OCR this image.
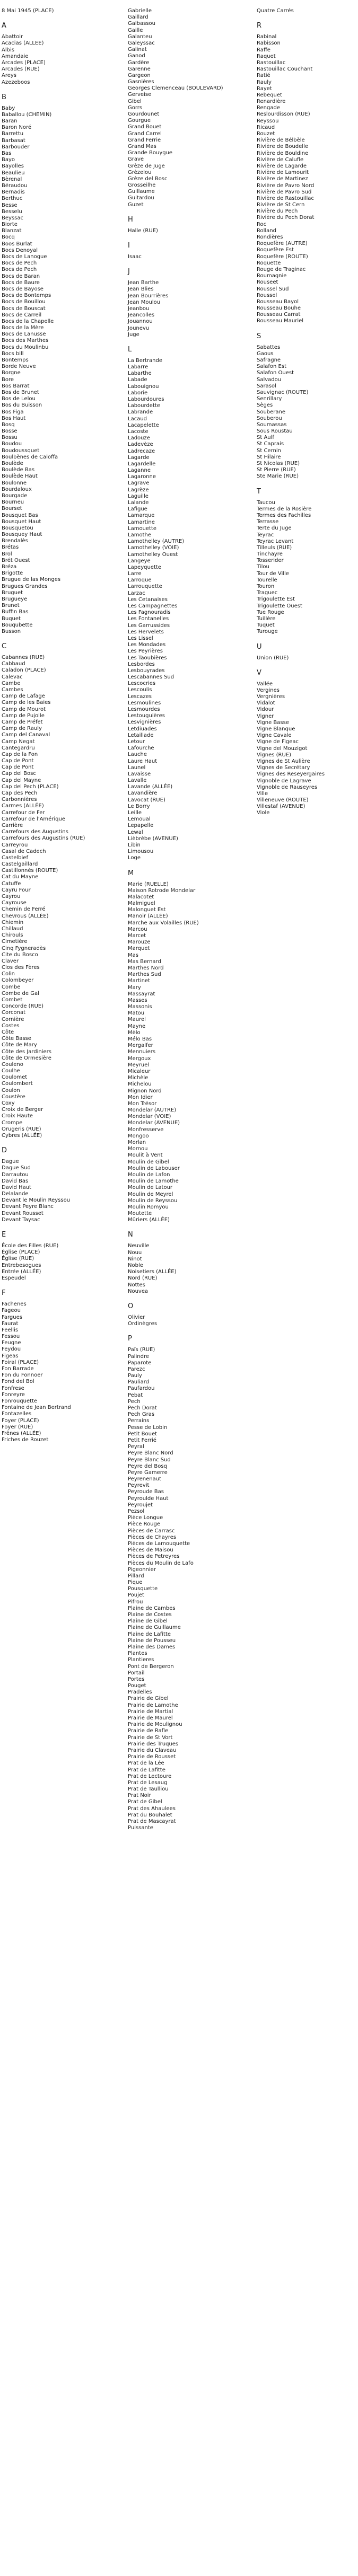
8 Mai 1945 (PLACE)
A
Abattoir
Acacias (ALLEE)
Albis
Amandaie
Arcades (PLACE)
Arcades (RUE)
Areys
Azezeboos
B
Baby
Baballou (CHEMIN)
Baran
Baron Noré
Barrettu
Barbasat
Barbouder
Bas
Bayo
Bayolles
Beaulieu
Bèrenal
Béraudou
Bernadis
Berthuc
Besse
Besselu
Beyssac
Biorte
Blanzat
Bocq
Boos Burlat
Bocs Denoyal
Bocs de Lanogue
Bocs de Pech
Bocs de Pech
Bocs de Baran
Bocs de Baure
Bocs de Bayose
Bocs de Bontemps
Bocs de Bouillou
Bocs de Bouscat
Bocs de Carreil
Bocs de la Chapelle
Bocs de la Mère
Bocs de Lanusse
Bocs des Marthes
Bocs du Moulinbu
Bocs bill
Bontemps
Borde Neuve
Borgne
Bore
Bos Barrat
Bos de Brunet
Bos de Lelou
Bos du Buisson
Bos Figa
Bos Haut
Bosq
Bosse
Bossu
Boudou
Boudoussquet
Boulbènes de Caloffa
Boulède
Boulède Bas
Boulède Haut
Boulonne
Bourdaloux
Bourgade
Bourneu
Bourset
Bousquet Bas
Bousquet Haut
Bousquetou
Bousquey Haut
Brendalès
Brétas
Brol
Brét Ouest
Bréza
Brigotte
Brugue de las Monges
Brugues Grandes
Bruguet
Brugueye
Brunet
Buffin Bas
Buquet
Bouqubette
Busson
C
Cabannes (RUE)
Cabbaud
Caladon (PLACE)
Calevac
Cambe
Cambes
Camp de Lafage
Camp de les Baies
Camp de Mourot
Camp de Pujolle
Camp de Préfet
Camp de Rauly
Camp del Canaval
Camp Negat
Cantegardru
Cap de la Fon
Cap de Pont
Cap de Pont
Cap del Bosc
Cap del Mayne
Cap del Pech (PLACE)
Cap des Pech
Carbonnières
Carmes (ALLÉE)
Carrefour de Fer
Carrefour de l'Amérique
Carrière
Carrefours des Augustins
Carrefours des Augustins (RUE)
Carreyrou
Casal de Cadech
Castelbief
Castelgaillard
Castillonnès (ROUTE)
Cat du Mayne
Catuffe
Cayru Four
Cayrou
Cayrouse
Chemin de Ferré
Chevrous (ALLÉE)
Chiemin
Chillaud
Chirouls
Cimetière
Cinq Fygneradès
Cite du Bosco
Claver
Clos des Fères
Colin
Colombeyer
Combe
Combe de Gal
Combet
Concorde (RUE)
Corconat
Cornière
Costes
Côte
Côte Basse
Côte de Mary
Côte des Jardiniers
Côte de Ormesière
Couleno
Coulhe
Coulomet
Coulombert
Coulon
Coustère
Coxy
Croix de Berger
Croix Haute
Crompe
Orugeris (RUE)
Cybres (ALLÉE)
D
Dague
Dague Sud
Darrautou
David Bas
David Haut
Delalande
Devant le Moulin Reyssou
Devant Peyre Blanc
Devant Rousset
Devant Taysac
E
École des Filles (RUE)
Église (PLACE)
Église (RUE)
Entrebesogues
Entrée (ALLÉE)
Espeudel
F
Fachenes
Fageou
Fargues
Faurat
Feellis
Fessou
Feugne
Feydou
Figeas
Foiral (PLACE)
Fon Barrade
Fon du Fonnoer
Fond del Bol
Fonfrese
Fonreyre
Fonrouquette
Fontaine de Jean Bertrand
Fontazelles
Foyer (PLACE)
Foyer (RUE)
Frênes (ALLÉE)
Friches de Rouzet
Gabrielle
Gaillard
Galbassou
Gaille
Galanteu
Galeyssac
Galinat
Ganod
Gardère
Garenne
Gargeon
Gasnières
Georges Clemenceau (BOULEVARD)
Gerveise
Gibel
Gorrs
Gourdounet
Gourgue
Grand Bouet
Grand Carrel
Grand Ferrie
Grand Mas
Grande Bouygue
Grave
Grèze de Juge
Grèzelou
Grèze del Bosc
Grosseilhe
Guillaume
Guitardou
Guzet
H
Halle (RUE)
I
Isaac
J
Jean Barthe
Jean Blies
Jean Bourrières
Jean Moulou
Jeanbou
Jeancolles
Jouannou
Jounevu
Juge
L
La Bertrande
Labarre
Labarthe
Labade
Labouignou
Laborie
Labourdoures
Labourdette
Labrande
Lacaud
Lacapelette
Lacoste
Ladouze
Ladevèze
Ladrecaze
Lagarde
Lagardelle
Laganne
Lagaronne
Lagrave
Lagrèze
Laguille
Lalande
Lafigue
Lamarque
Lamartine
Lamouette
Lamothe
Lamothelley (AUTRE)
Lamothelley (VOIE)
Lamothelley Ouest
Langeye
Lapeyquette
Larre
Larroque
Larrouquette
Larzac
Les Cetanaises
Les Campagnettes
Les Fagnouradis
Les Fontanelles
Les Garrussides
Les Hervelets
Les Lissel
Les Mondades
Les Peyrières
Les Taoubières
Lesbordes
Lesbouyrades
Lescabannes Sud
Lescocries
Lescoulis
Lescazes
Lesmoulines
Lesmourdes
Lestouguières
Lesvignières
Letdiuades
Letaillade
Letour
Lafourche
Lauche
Laure Haut
Launel
Lavaisse
Lavalle
Lavande (ALLÉE)
Lavandière
Lavocat (RUE)
Le Borry
Leille
Lemoual
Lepapelle
Lewal
Lièbrèbe (AVENUE)
Libin
Limousou
Loge
M
Marie (RUELLE)
Maison Rotrode Mondelar
Malacotet
Malmiguel
Malonguet Est
Manoir (ALLÉE)
Marche aux Volailles (RUE)
Marcou
Marcet
Marouze
Marquet
Mas
Mas Bernard
Marthes Nord
Marthes Sud
Martinet
Mary
Massayrat
Masses
Massonis
Matou
Maurel
Mayne
Mèlo
Mélo Bas
Mergalfer
Mennuiers
Mergoux
Meyruel
Micaleur
Michèle
Michelou
Mignon Nord
Mon Idier
Mon Trésor
Mondelar (AUTRE)
Mondelar (VOIE)
Mondelar (AVENUE)
Monfresserve
Mongoo
Morlan
Mornou
Moulit à Vent
Moulin de Gibel
Moulin de Labouser
Moulin de Lafon
Moulin de Lamothe
Moulin de Latour
Moulin de Meyrel
Moulin de Reyssou
Moulin Romyou
Moutette
Mûriers (ALLÉE)
N
Neuville
Nouu
Ninot
Noble
Noisetiers (ALLÉE)
Nord (RUE)
Nottes
Nouvea
O
Olivier
Ordinègres
P
Païs (RUE)
Palindre
Paparote
Parezc
Pauly
Pauliard
Paufardou
Pebat
Pech
Pech Dorat
Pech Gras
Perrains
Pesse de Lobin
Petit Bouet
Petit Ferrié
Peyral
Peyre Blanc Nord
Peyre Blanc Sud
Peyre del Bosq
Peyre Gamerre
Peyrenenaut
Peyrevit
Peyroude Bas
Peyroulde Haut
Peyroujet
Pezsol
Pièce Longue
Pièce Rouge
Pièces de Carrasc
Pièces de Chayres
Pièces de Lamouquette
Pièces de Maisou
Pièces de Petreyres
Pièces du Moulin de Lafo
Pigeonnier
Pillard
Pique
Pousquette
Poujet
Pifrou
Plaine de Cambes
Plaine de Costes
Plaine de Gibel
Plaine de Guillaume
Plaine de Lafitte
Plaine de Pousseu
Plaine des Dames
Plantes
Plantieres
Pont de Bergeron
Portail
Portes
Pouget
Pradelles
Prairie de Gibel
Prairie de Lamothe
Prairie de Martial
Prairie de Maurel
Prairie de Moulignou
Prairie de Rafle
Prairie de St Vort
Prairie des Truques
Prairie du Claveau
Prairie de Rousset
Prat de la Lée
Prat de Lafitte
Prat de Lectoure
Prat de Lesaug
Prat de Taulliou
Prat Noir
Prat de Gibel
Prat des Ahaulees
Prat du Bouhalet
Prat de Mascayrat
Puissante
Quatre Carrés
R
Rabinal
Rabisson
Raffe
Raquet
Rastouillac
Rastouillac Couchant
Ratié
Rauly
Rayet
Rebequet
Renardière
Rengade
Reslourdisson (RUE)
Reyssou
Ricaud
Rouzet
Rivière de Bélbèle
Rivière de Boudelle
Rivière de Bouldine
Rivière de Calufle
Rivière de Lagarde
Rivière de Lamourit
Rivière de Martinez
Rivière de Pavro Nord
Rivière de Pavro Sud
Rivière de Rastouillac
Rivière de St Cern
Rivière du Pech
Rivière du Pech Dorat
Roc
Rolland
Rondières
Roquefère (AUTRE)
Roquefère Est
Roquefère (ROUTE)
Roquette
Rouge de Traginac
Roumagnie
Rouseet
Roussel Sud
Roussel
Rousseau Bayol
Rousseau Bouhe
Rousseau Carrat
Rousseau Mauriel
S
Sabattes
Gaous
Safragne
Salafon Est
Salafon Ouest
Salvadou
Sarasol
Sauvignac (ROUTE)
Senrillary
Sèges
Souberane
Souberou
Soumassas
Sous Roustau
St Aulf
St Caprais
St Cernin
St Hilaire
St Nicolas (RUE)
St Pierre (RUE)
Ste Marie (RUE)
T
Taucou
Termes de la Rosière
Termes des Fachilles
Terrasse
Terte du Juge
Teyrac
Teyrac Levant
Tilleuls (RUE)
Tinchayre
Tosserider
Tilou
Tour de Ville
Tourelle
Touron
Traguec
Trigoulette Est
Trigoulette Ouest
Tue Rouge
Tuillère
Tuquet
Turouge
U
Union (RUE)
V
Vallée
Vergines
Vergnières
Vidalot
Vidour
Vigner
Vigne Basse
Vigne Blanque
Vigne Cavale
Vigne de Figeac
Vigne del Mouzigot
Vignes (RUE)
Vignes de St Aulière
Vignes de Secrétary
Vignes des Reseyergaires
Vignoble de Lagrave
Vignoble de Rauseyres
Ville
Villeneuve (ROUTE)
Villestaf (AVENUE)
Viole
